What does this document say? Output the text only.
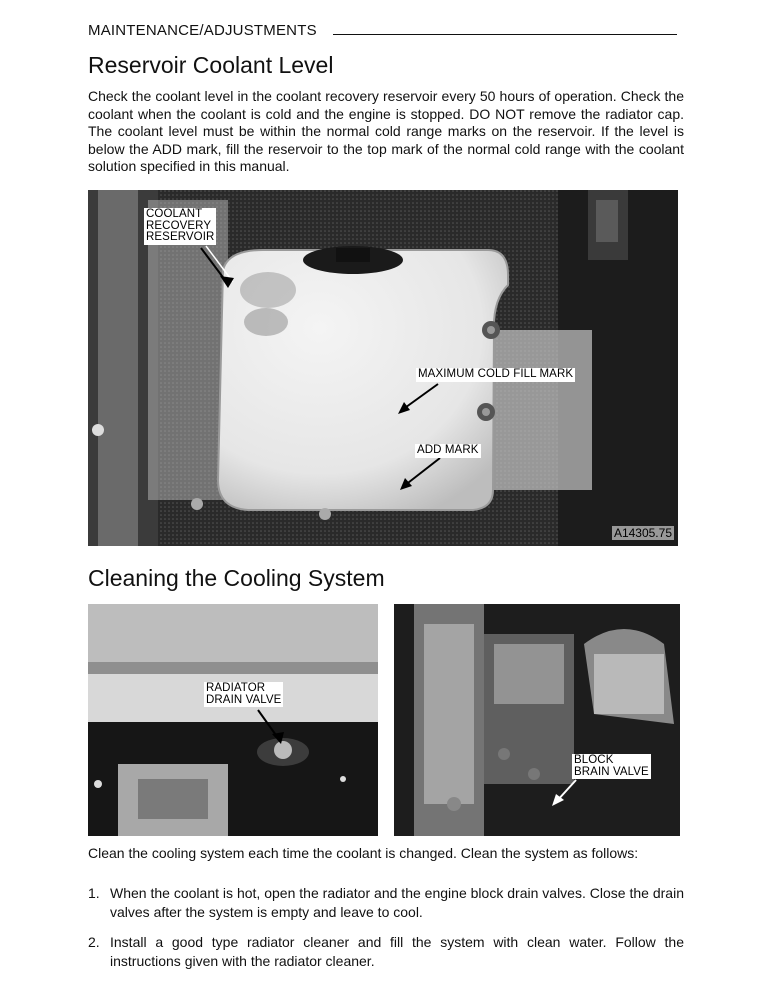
MAINTENANCE/ADJUSTMENTS
Reservoir Coolant Level

Check the coolant level in the coolant recovery reservoir every 50 hours of operation. Check the coolant when the coolant is cold and the engine is stopped. DO NOT remove the radiator cap. The coolant level must be within the normal cold range marks on the reservoir. If the level is below the ADD mark, fill the reservoir to the top mark of the normal cold range with the coolant solution specified in this manual.

COOLANT
RECOVERY
RESERVOIR
MAXIMUM COLD FILL MARK
ADD MARK
A14305.75
Cleaning the Cooling System
RADIATOR
DRAIN VALVE
BLOCK
BRAIN VALVE

Clean the cooling system each time the coolant is changed. Clean the system as follows:

1. When the coolant is hot, open the radiator and the engine block drain valves. Close the drain valves after the system is empty and leave to cool.
2. Install a good type radiator cleaner and fill the system with clean water. Follow the instructions given with the radiator cleaner.
